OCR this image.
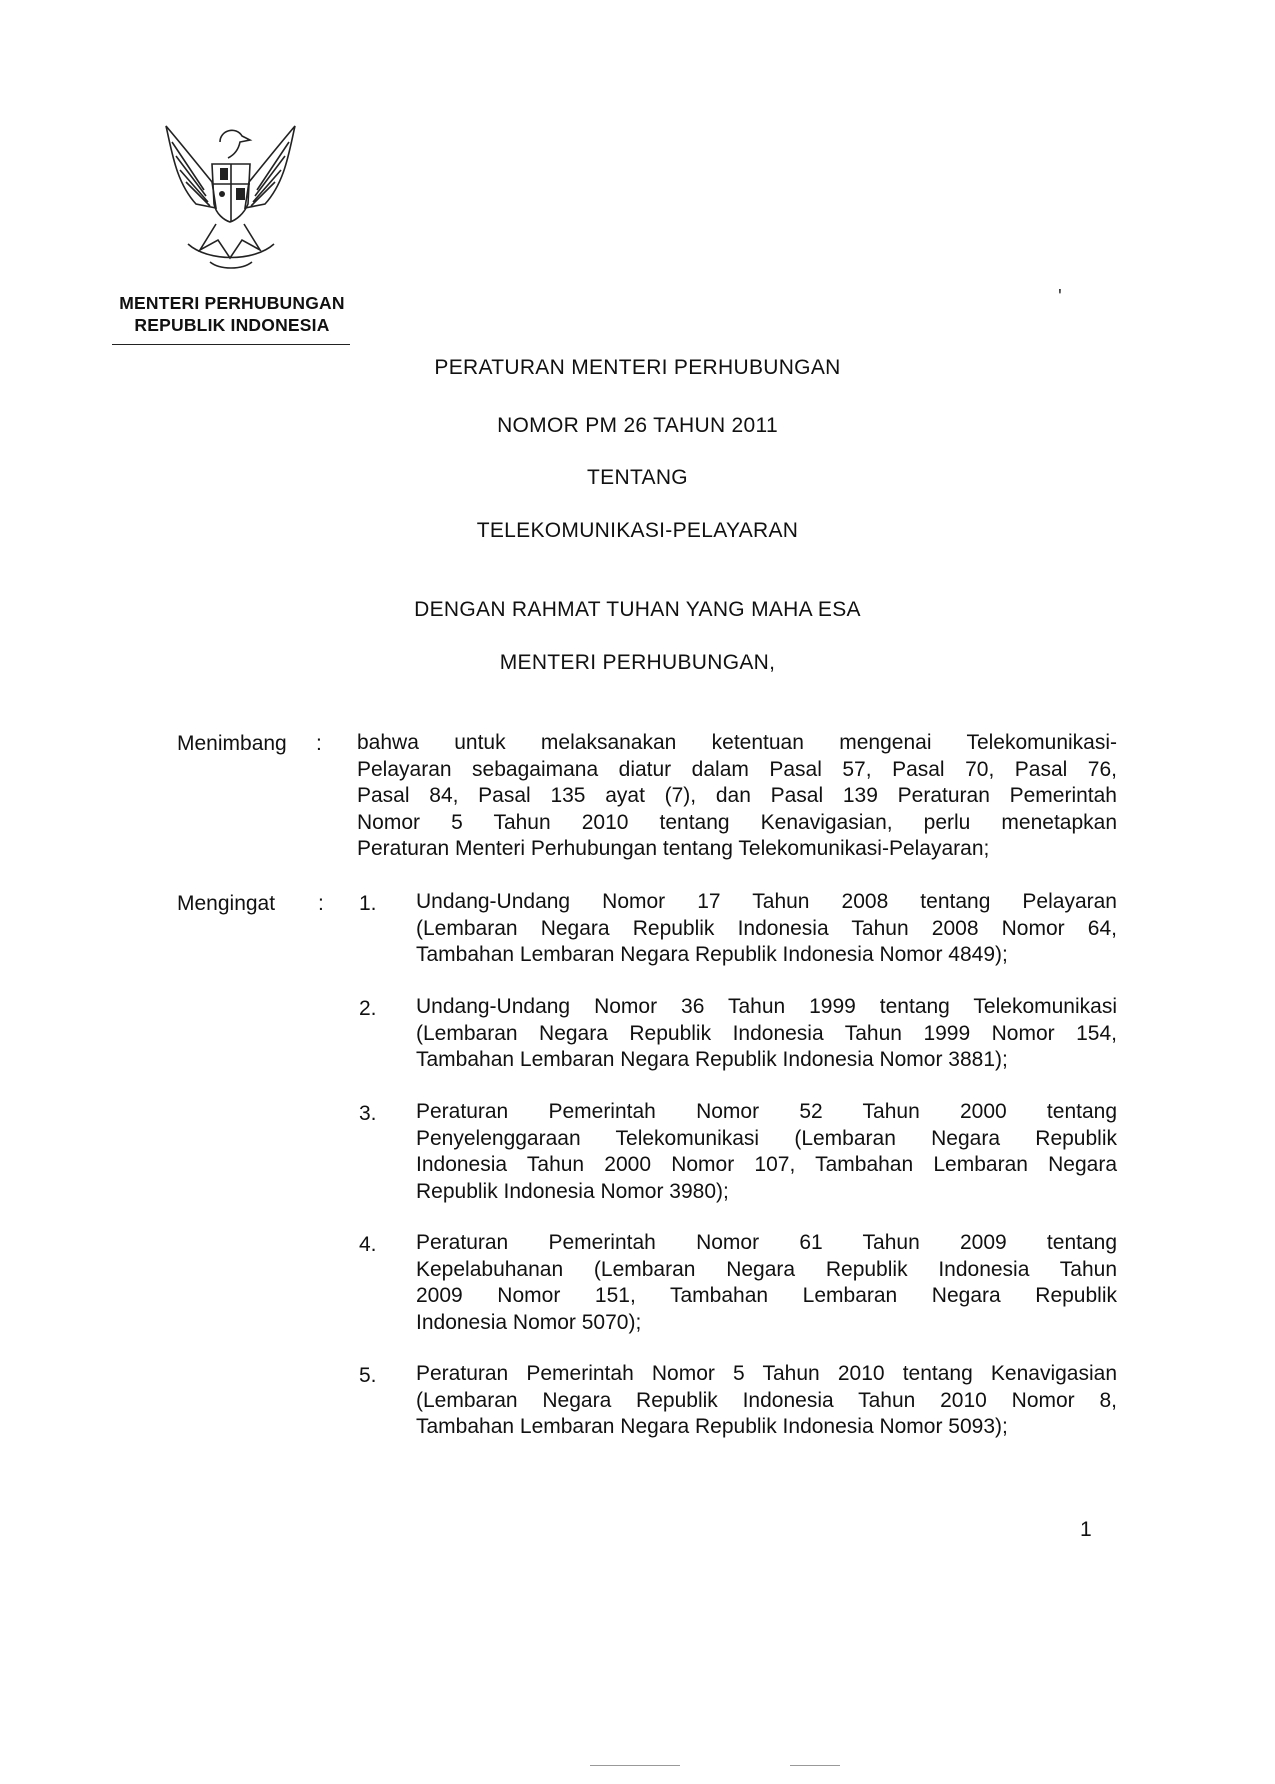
MENTERI PERHUBUNGAN
REPUBLIK INDONESIA
'
PERATURAN MENTERI PERHUBUNGAN
NOMOR PM 26 TAHUN 2011
TENTANG
TELEKOMUNIKASI-PELAYARAN
DENGAN RAHMAT TUHAN YANG MAHA ESA
MENTERI PERHUBUNGAN,
Menimbang : bahwa untuk melaksanakan ketentuan mengenai Telekomunikasi-
Pelayaran sebagaimana diatur dalam Pasal 57, Pasal 70, Pasal 76,
Pasal 84, Pasal 135 ayat (7), dan Pasal 139 Peraturan Pemerintah
Nomor 5 Tahun 2010 tentang Kenavigasian, perlu menetapkan
Peraturan Menteri Perhubungan tentang Telekomunikasi-Pelayaran;
Mengingat : 1. Undang-Undang Nomor 17 Tahun 2008 tentang Pelayaran
(Lembaran Negara Republik Indonesia Tahun 2008 Nomor 64,
Tambahan Lembaran Negara Republik Indonesia Nomor 4849);
2. Undang-Undang Nomor 36 Tahun 1999 tentang Telekomunikasi
(Lembaran Negara Republik Indonesia Tahun 1999 Nomor 154,
Tambahan Lembaran Negara Republik Indonesia Nomor 3881);
3. Peraturan Pemerintah Nomor 52 Tahun 2000 tentang
Penyelenggaraan Telekomunikasi (Lembaran Negara Republik
Indonesia Tahun 2000 Nomor 107, Tambahan Lembaran Negara
Republik Indonesia Nomor 3980);
4. Peraturan Pemerintah Nomor 61 Tahun 2009 tentang
Kepelabuhanan (Lembaran Negara Republik Indonesia Tahun
2009 Nomor 151, Tambahan Lembaran Negara Republik
Indonesia Nomor 5070);
5. Peraturan Pemerintah Nomor 5 Tahun 2010 tentang Kenavigasian
(Lembaran Negara Republik Indonesia Tahun 2010 Nomor 8,
Tambahan Lembaran Negara Republik Indonesia Nomor 5093);
1
